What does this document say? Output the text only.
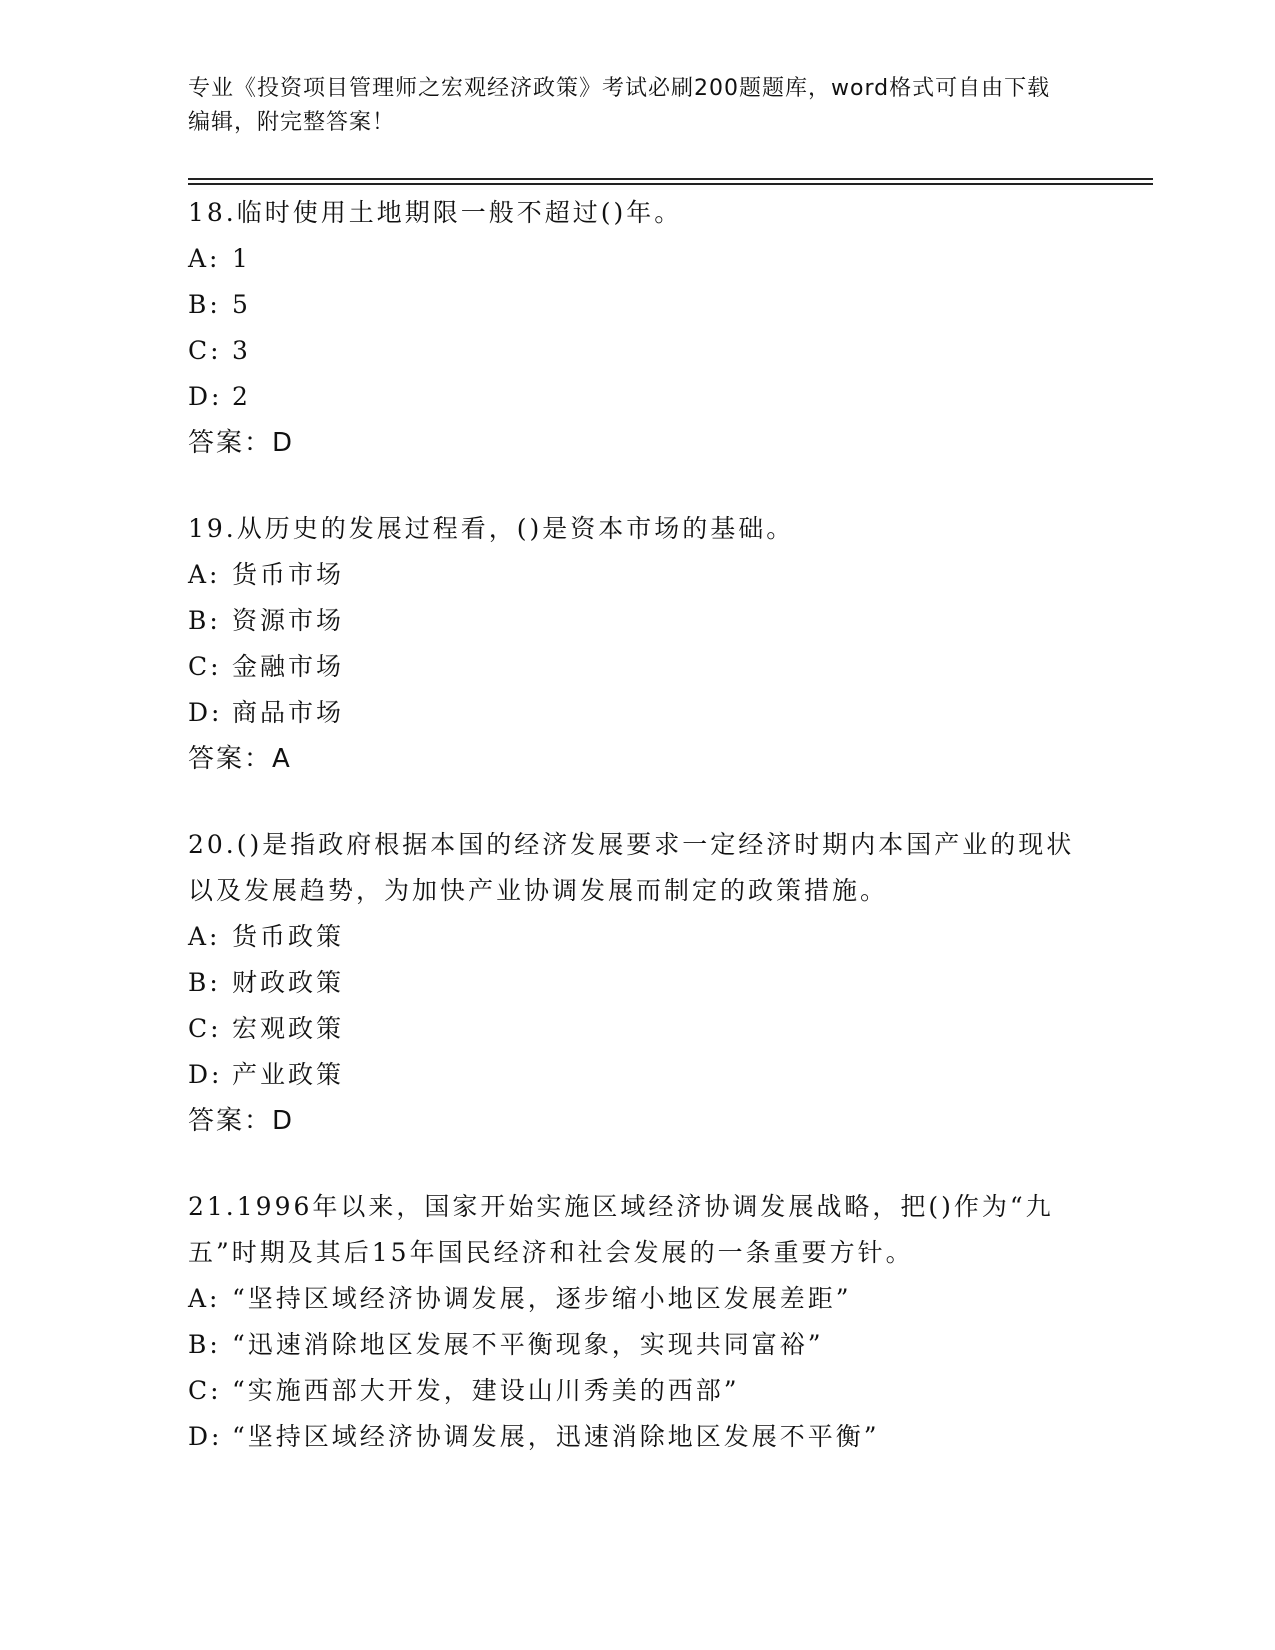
专业《投资项目管理师之宏观经济政策》考试必刷200题题库，word格式可自由下载编辑，附完整答案！
18.临时使用土地期限一般不超过()年。
A: 1
B: 5
C: 3
D: 2
答案：D
19.从历史的发展过程看，()是资本市场的基础。
A: 货币市场
B: 资源市场
C: 金融市场
D: 商品市场
答案：A
20.()是指政府根据本国的经济发展要求一定经济时期内本国产业的现状以及发展趋势，为加快产业协调发展而制定的政策措施。
A: 货币政策
B: 财政政策
C: 宏观政策
D: 产业政策
答案：D
21.1996年以来，国家开始实施区域经济协调发展战略，把()作为“九五”时期及其后15年国民经济和社会发展的一条重要方针。
A: “坚持区域经济协调发展，逐步缩小地区发展差距”
B: “迅速消除地区发展不平衡现象，实现共同富裕”
C: “实施西部大开发，建设山川秀美的西部”
D: “坚持区域经济协调发展，迅速消除地区发展不平衡”
